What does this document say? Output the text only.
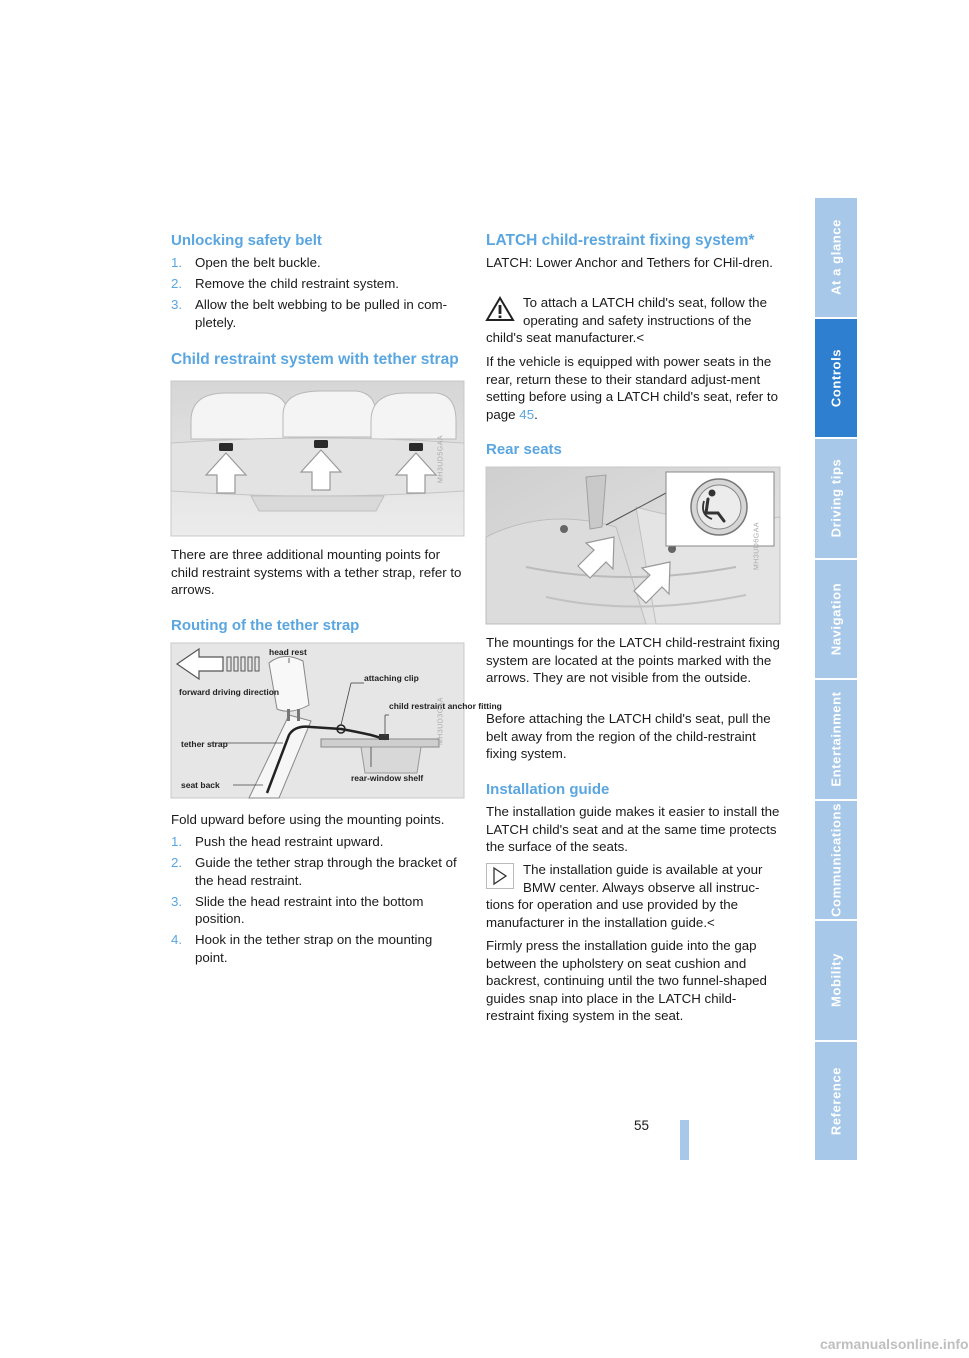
Unlocking safety belt
1. Open the belt buckle.
2. Remove the child restraint system.
3. Allow the belt webbing to be pulled in com-pletely.
Child restraint system with tether strap
MH3UD5GAA

There are three additional mounting points for child restraint systems with a tether strap, refer to arrows.

Routing of the tether strap
head rest
forward driving direction
attaching clip
child restraint anchor fitting
tether strap
seat back
rear-window shelf
MH3UD3GAA

Fold upward before using the mounting points.

1. Push the head restraint upward.
2. Guide the tether strap through the bracket of the head restraint.
3. Slide the head restraint into the bottom position.
4. Hook in the tether strap on the mounting point.
LATCH child-restraint fixing system*

LATCH: Lower Anchor and Tethers for CHil-dren.

To attach a LATCH child's seat, follow the operating and safety instructions of the
child's seat manufacturer.<

If the vehicle is equipped with power seats in the rear, return these to their standard adjust-ment setting before using a LATCH child's seat, refer to page 45.

Rear seats
MH3UD6GAA

The mountings for the LATCH child-restraint fixing system are located at the points marked with the arrows. They are not visible from the outside.

Before attaching the LATCH child's seat, pull the belt away from the region of the child-restraint fixing system.

Installation guide

The installation guide makes it easier to install the LATCH child's seat and at the same time protects the surface of the seats.

The installation guide is available at your BMW center. Always observe all instruc-
tions for operation and use provided by the manufacturer in the installation guide.<

Firmly press the installation guide into the gap between the upholstery on seat cushion and backrest, continuing until the two funnel-shaped guides snap into place in the LATCH child-restraint fixing system in the seat.

At a glance
Controls
Driving tips
Navigation
Entertainment
Communications
Mobility
Reference
55
carmanualsonline.info
